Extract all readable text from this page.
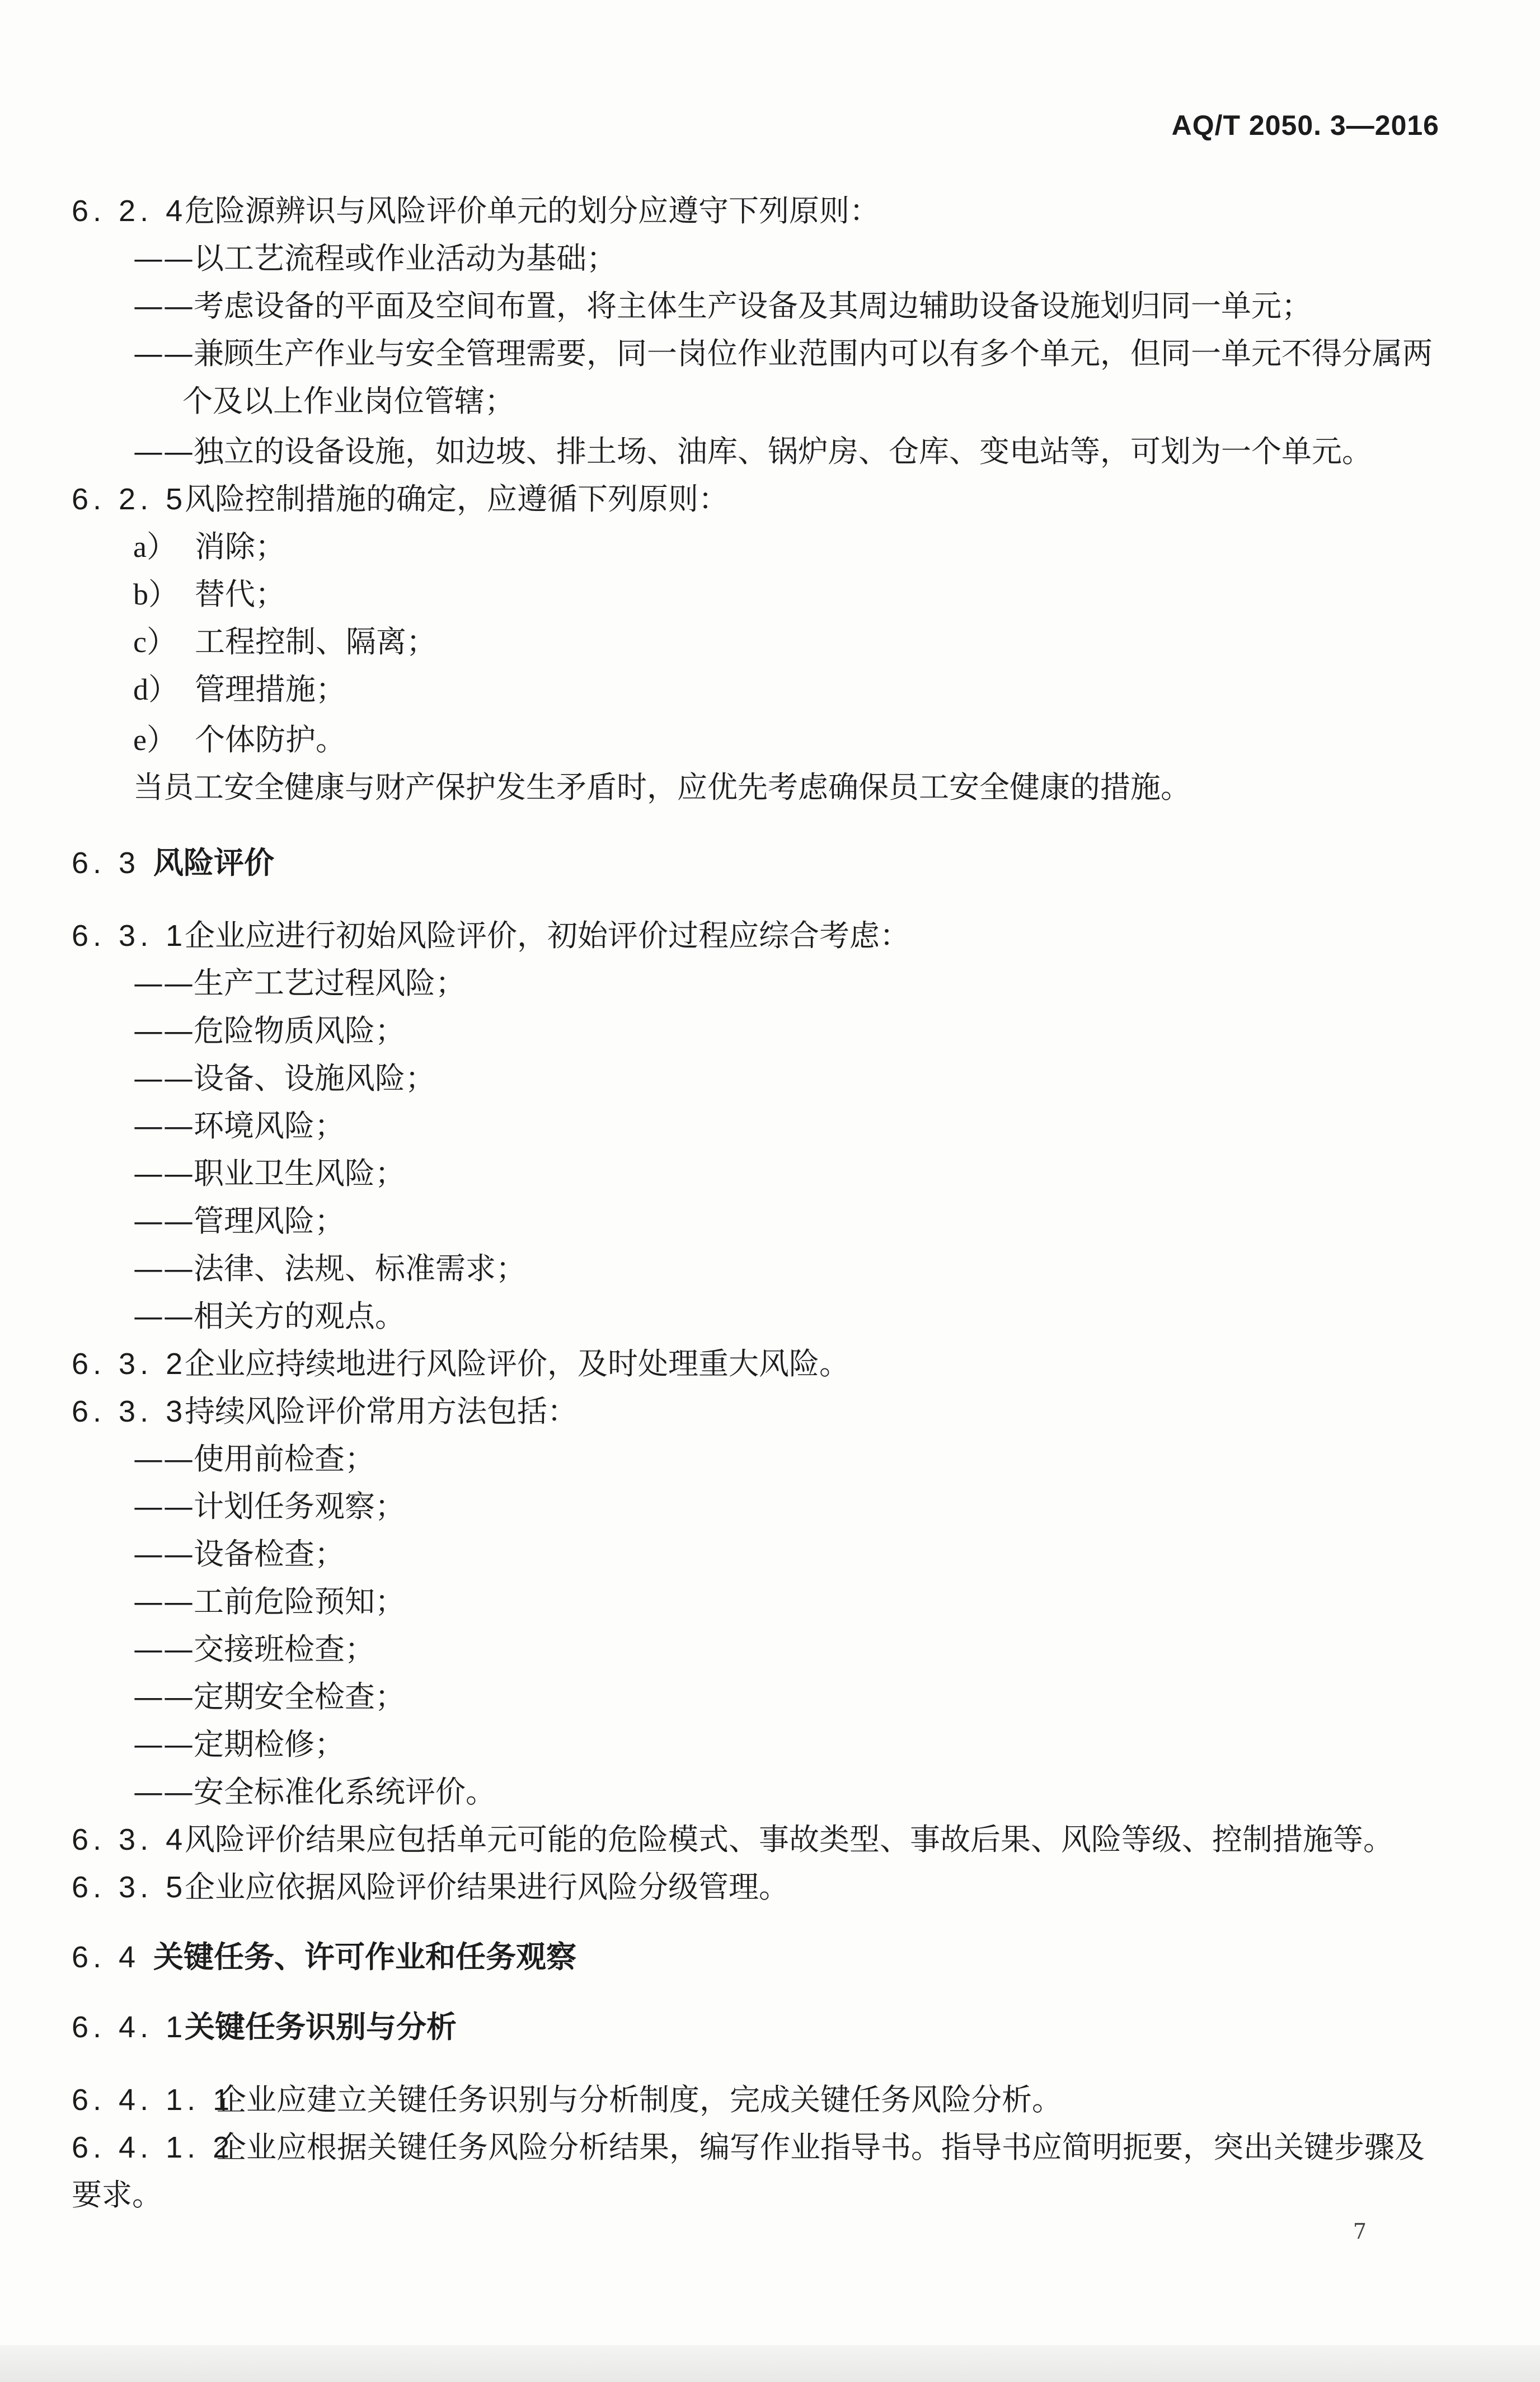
AQ/T 2050. 3—2016
6. 2. 4危险源辨识与风险评价单元的划分应遵守下列原则：
——以工艺流程或作业活动为基础；
——考虑设备的平面及空间布置，将主体生产设备及其周边辅助设备设施划归同一单元；
——兼顾生产作业与安全管理需要，同一岗位作业范围内可以有多个单元，但同一单元不得分属两
个及以上作业岗位管辖；
——独立的设备设施，如边坡、排土场、油库、锅炉房、仓库、变电站等，可划为一个单元。
6. 2. 5风险控制措施的确定，应遵循下列原则：
a） 消除；
b） 替代；
c） 工程控制、隔离；
d） 管理措施；
e） 个体防护。
当员工安全健康与财产保护发生矛盾时，应优先考虑确保员工安全健康的措施。
6. 3 风险评价
6. 3. 1企业应进行初始风险评价，初始评价过程应综合考虑：
——生产工艺过程风险；
——危险物质风险；
——设备、设施风险；
——环境风险；
——职业卫生风险；
——管理风险；
——法律、法规、标准需求；
——相关方的观点。
6. 3. 2企业应持续地进行风险评价，及时处理重大风险。
6. 3. 3持续风险评价常用方法包括：
——使用前检查；
——计划任务观察；
——设备检查；
——工前危险预知；
——交接班检查；
——定期安全检查；
——定期检修；
——安全标准化系统评价。
6. 3. 4风险评价结果应包括单元可能的危险模式、事故类型、事故后果、风险等级、控制措施等。
6. 3. 5企业应依据风险评价结果进行风险分级管理。
6. 4 关键任务、许可作业和任务观察
6. 4. 1关键任务识别与分析
6. 4. 1. 1企业应建立关键任务识别与分析制度，完成关键任务风险分析。
6. 4. 1. 2企业应根据关键任务风险分析结果，编写作业指导书。指导书应简明扼要，突出关键步骤及
要求。
7
